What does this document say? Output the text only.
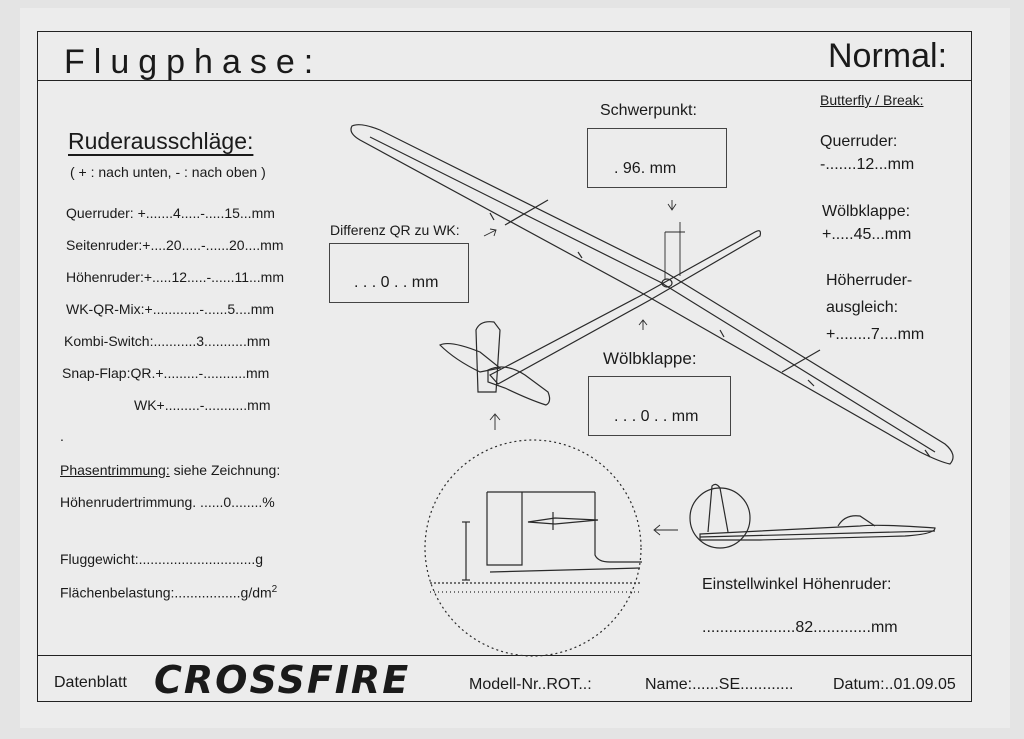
Flugphase:	Normal:
Ruderausschläge:
( + : nach unten, - : nach oben )
Querruder: +.......4.....-.....15...mm
Seitenruder:+....20.....-......20....mm
Höhenruder:+.....12.....-......11...mm
WK-QR-Mix:+............-......5....mm
Kombi-Switch:...........3...........mm
Snap-Flap:QR.+.........-...........mm
WK+.........-...........mm
.
Phasentrimmung: siehe Zeichnung:
Höhenrudertrimmung. ......0........%
Fluggewicht:..............................g
$Flächenbelastung:.................g/dm^2$
Differenz QR zu WK:
. . . 0 . . mm
Schwerpunkt:
. 96. mm
Wölbklappe:
. . . 0 . . mm
Butterfly / Break:
Querruder:
-.......12...mm
Wölbklappe:
+.....45...mm
Höherruder-
ausgleich:
+........7....mm
Einstellwinkel Höhenruder:
.....................82.............mm
Datenblatt CROSSFIRE	Modell-Nr..ROT..:	Name:......SE............ Datum:..01.09.05
